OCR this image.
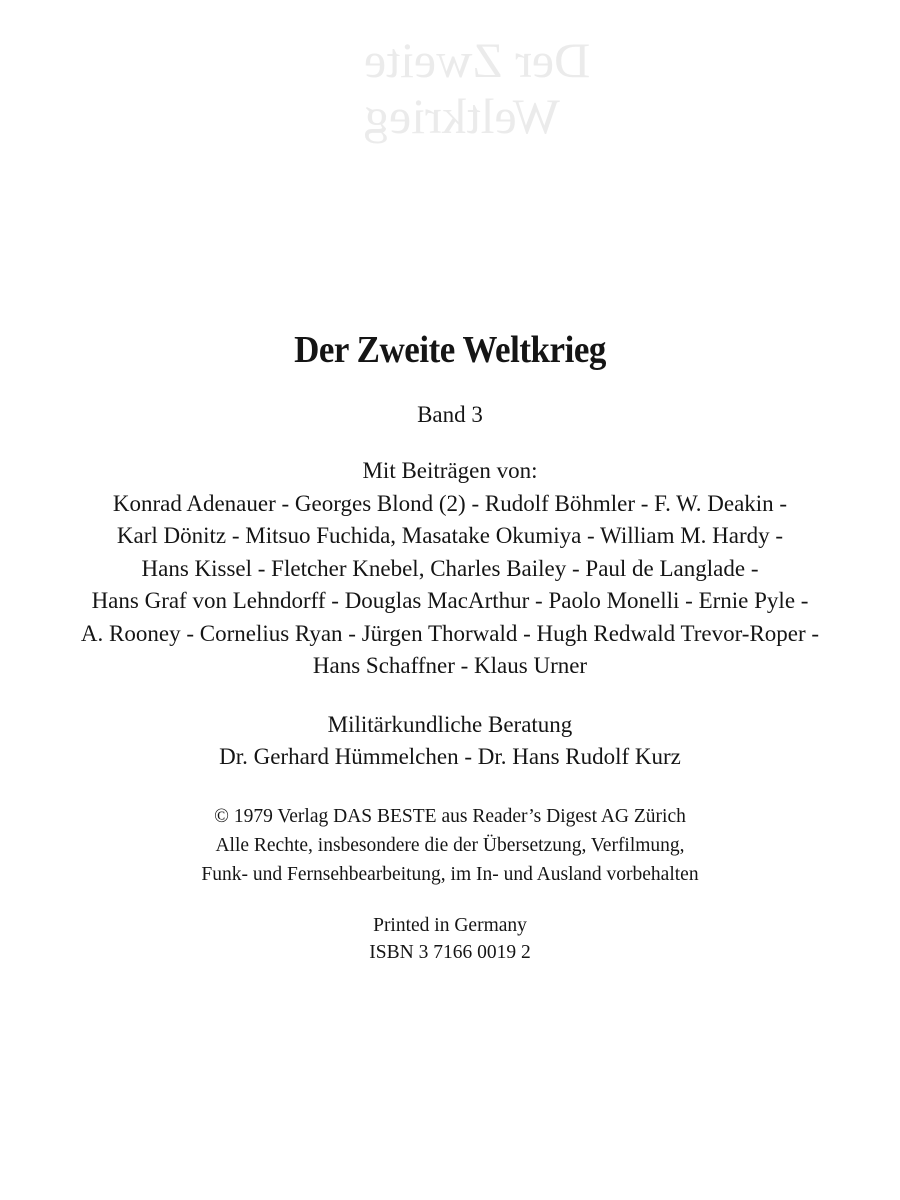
Der Zweite
Weltkrieg
Der Zweite Weltkrieg
Band 3
Mit Beiträgen von:
Konrad Adenauer - Georges Blond (2) - Rudolf Böhmler - F. W. Deakin -
Karl Dönitz - Mitsuo Fuchida, Masatake Okumiya - William M. Hardy -
Hans Kissel - Fletcher Knebel, Charles Bailey - Paul de Langlade -
Hans Graf von Lehndorff - Douglas MacArthur - Paolo Monelli - Ernie Pyle -
A. Rooney - Cornelius Ryan - Jürgen Thorwald - Hugh Redwald Trevor-Roper -
Hans Schaffner - Klaus Urner
Militärkundliche Beratung
Dr. Gerhard Hümmelchen - Dr. Hans Rudolf Kurz
© 1979 Verlag DAS BESTE aus Reader’s Digest AG Zürich
Alle Rechte, insbesondere die der Übersetzung, Verfilmung,
Funk- und Fernsehbearbeitung, im In- und Ausland vorbehalten
Printed in Germany
ISBN 3 7166 0019 2
